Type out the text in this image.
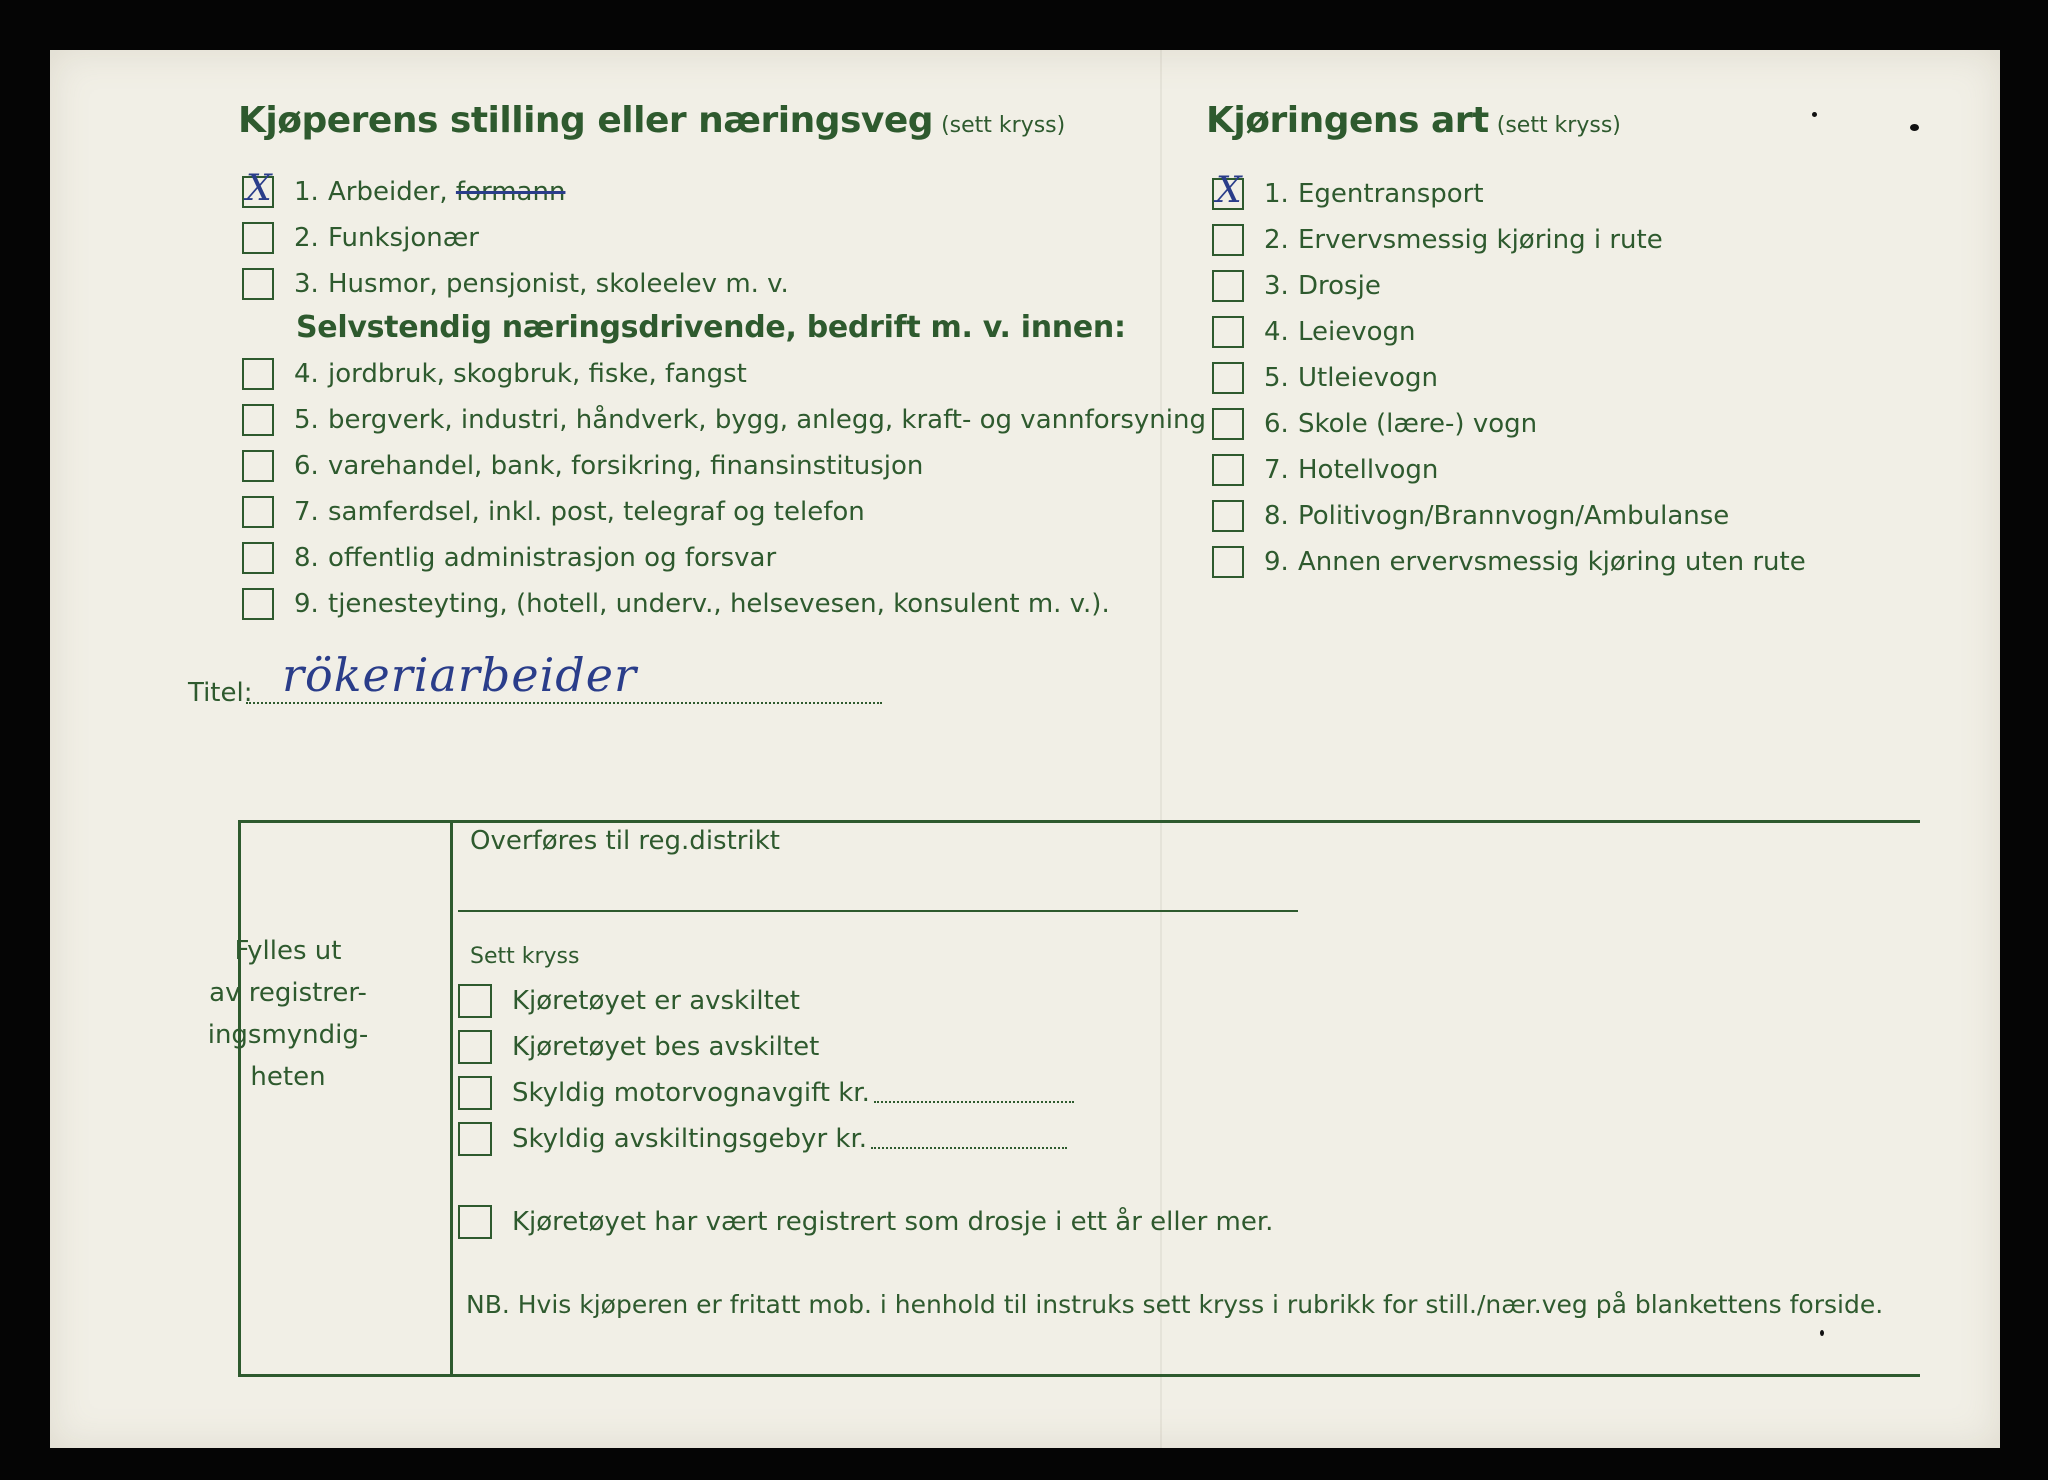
Kjøperens stilling eller næringsveg (sett kryss)
X 1. Arbeider,
formann
2. Funksjonær
3. Husmor, pensjonist, skoleelev m. v.
Selvstendig næringsdrivende, bedrift m. v. innen:
4. jordbruk, skogbruk, fiske, fangst
5. bergverk, industri, håndverk, bygg, anlegg, kraft- og vannforsyning
6. varehandel, bank, forsikring, finansinstitusjon
7. samferdsel, inkl. post, telegraf og telefon
8. offentlig administrasjon og forsvar
9. tjenesteyting, (hotell, underv., helsevesen, konsulent m. v.).
Kjøringens art (sett kryss)
X 1. Egentransport
2. Ervervsmessig kjøring i rute
3. Drosje
4. Leievogn
5. Utleievogn
6. Skole (lære-) vogn
7. Hotellvogn
8. Politivogn/Brannvogn/Ambulanse
9. Annen ervervsmessig kjøring uten rute
Titel: rökeriarbeider
Fylles ut
av registrer-
ingsmyndig-
heten
Overføres til reg.distrikt
Sett kryss
Kjøretøyet er avskiltet
Kjøretøyet bes avskiltet
Skyldig motorvognavgift kr.
Skyldig avskiltingsgebyr kr.
Kjøretøyet har vært registrert som drosje i ett år eller mer.
NB. Hvis kjøperen er fritatt mob. i henhold til instruks sett kryss i rubrikk for still./nær.veg på blankettens forside.
